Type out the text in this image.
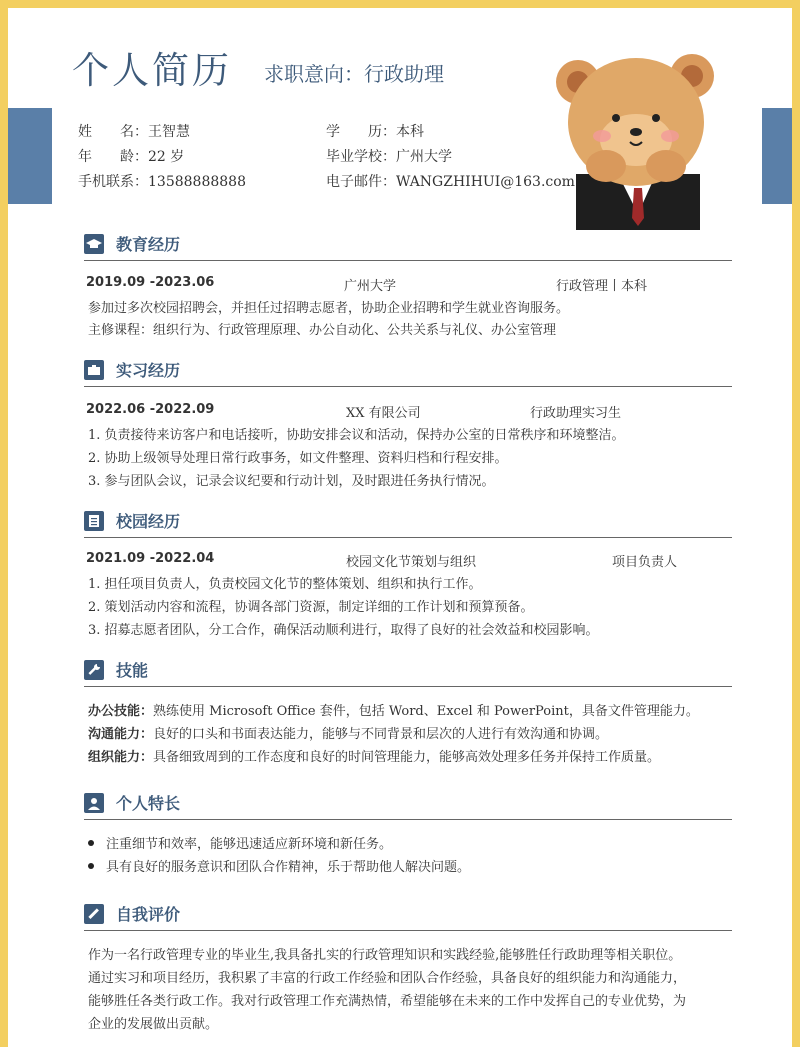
个人简历 求职意向：行政助理
姓　　名：王智慧
年　　龄：22 岁
手机联系：13588888888
学　　历：本科
毕业学校：广州大学
电子邮件：WANGZHIHUI@163.com
教育经历
2019.09 -2023.06	广州大学	行政管理丨本科
参加过多次校园招聘会，并担任过招聘志愿者，协助企业招聘和学生就业咨询服务。
主修课程：组织行为、行政管理原理、办公自动化、公共关系与礼仪、办公室管理
实习经历
2022.06 -2022.09	XX 有限公司	行政助理实习生
1. 负责接待来访客户和电话接听，协助安排会议和活动，保持办公室的日常秩序和环境整洁。
2. 协助上级领导处理日常行政事务，如文件整理、资料归档和行程安排。
3. 参与团队会议，记录会议纪要和行动计划，及时跟进任务执行情况。
校园经历
2021.09 -2022.04	校园文化节策划与组织	项目负责人
1. 担任项目负责人，负责校园文化节的整体策划、组织和执行工作。
2. 策划活动内容和流程，协调各部门资源，制定详细的工作计划和预算预备。
3. 招募志愿者团队，分工合作，确保活动顺利进行，取得了良好的社会效益和校园影响。
技能
办公技能：熟练使用 Microsoft Office 套件，包括 Word、Excel 和 PowerPoint，具备文件管理能力。
沟通能力：良好的口头和书面表达能力，能够与不同背景和层次的人进行有效沟通和协调。
组织能力：具备细致周到的工作态度和良好的时间管理能力，能够高效处理多任务并保持工作质量。
个人特长
注重细节和效率，能够迅速适应新环境和新任务。
具有良好的服务意识和团队合作精神，乐于帮助他人解决问题。
自我评价
作为一名行政管理专业的毕业生,我具备扎实的行政管理知识和实践经验,能够胜任行政助理等相关职位。
通过实习和项目经历，我积累了丰富的行政工作经验和团队合作经验，具备良好的组织能力和沟通能力，
能够胜任各类行政工作。我对行政管理工作充满热情，希望能够在未来的工作中发挥自己的专业优势，为
企业的发展做出贡献。
